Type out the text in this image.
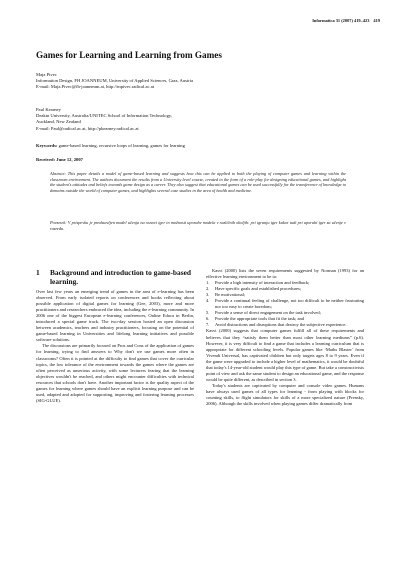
Informatica 31 (2007) 419–423 419
Games for Learning and Learning from Games
Maja Pivec
Information Design, FH JOANNEUM, University of Applied Sciences, Graz, Austria
E-mail: Maja.Pivec@fh-joanneum.at, http://mpivec.radical.ac.at
Paul Kearney
Deakin University, Australia/UNITEC School of Information Technology,
Auckland, New Zealand
E-mail: Paul@radical.ac.at, http://pkearney.radical.ac.at
Keywords: game-based learning, recursive loops of learning, games for learning
Received: June 12, 2007
Abstract: This paper details a model of game-based learning and suggests how this can be applied to both the playing of computer games and learning within the classroom environment. The authors document the results from a University level course, created in the form of a role-play for designing educational games, and highlight the student's attitudes and beliefs towards game design as a career. They also suggest that educational games can be used successfully for the transference of knowledge to domains outside the world of computer games, and highlights several case studies in the area of health and medicine.
Povzetek: V prispevku je predstavljen model učenja na osnovi iger in možnosti uporabe modela v različnih okoljih: pri igranju iger kakor tudi pri uporabi iger za učenje v razredu.
1	Background and introduction to game-based learning.

Over last few years an emerging trend of games in the area of e-learning has been observed. From early isolated reports on conferences and books reflecting about possible application of digital games for learning (Gee, 2003), more and more practitioners and researchers embraced the idea, including the e-learning community. In 2006 one of the biggest European e-learning conferences, Online Educa in Berlin, introduced a special game track. The two-day session hosted an open discussion between academics, teachers and industry practitioners, focusing on the potential of game-based learning in Universities and lifelong learning initiatives and possible software solutions.

The discussions are primarily focused on Pros and Cons of the application of games for learning, trying to find answers to Why don't we use games more often in classrooms? Often it is pointed at the difficulty to find games that cover the curricular topics, the low tolerance of the environment towards the games where the games are often perceived as unserious activity, with some lecturers fearing that the learning objectives wouldn't be reached, and others might encounter difficulties with technical resources that schools don't have. Another important factor is the quality aspect of the games for learning where games should have an explicit learning purpose and can be used, adapted and adopted for supporting, improving and fostering learning processes (SIG-GLUE).

Kasvi (2000) lists the seven requirements suggested by Norman (1993) for an effective learning environment to be to:

1.	Provide a high intensity of interaction and feedback;
2.	Have specific goals and established procedures;
3.	Be motivational;
4.	Provide a continual feeling of challenge, not too difficult to be neither frustrating nor too easy to create boredom;
5.	Provide a sense of direct engagement on the task involved;
6.	Provide the appropriate tools that fit the task; and
7.	Avoid distractions and disruptions that destroy the subjective experience.

Kasvi (2000) suggests that computer games fulfill all of these requirements and believes that they “satisfy them better than most other learning mediums” (p.6). However, it is very difficult to find a game that includes a learning curriculum that is appropriate for different schooling levels. Popular games like ‘Maths Blaster’ from Vivendi Universal, has captivated children but only targets ages 8 to 9 years. Even if the game were upgraded to include a higher level of mathematics, it would be doubtful that today's 14-year-old student would play this type of game. But take a constructivists point of view and ask the same student to design an educational game, and the response would be quite different, as described in section 3.

Today's students are captivated by computer and console video games. Humans have always used games of all types for learning - from playing with blocks for counting skills, to flight simulators for skills of a more specialized nature (Prensky, 2006). Although the skills involved when playing games differ dramatically from
